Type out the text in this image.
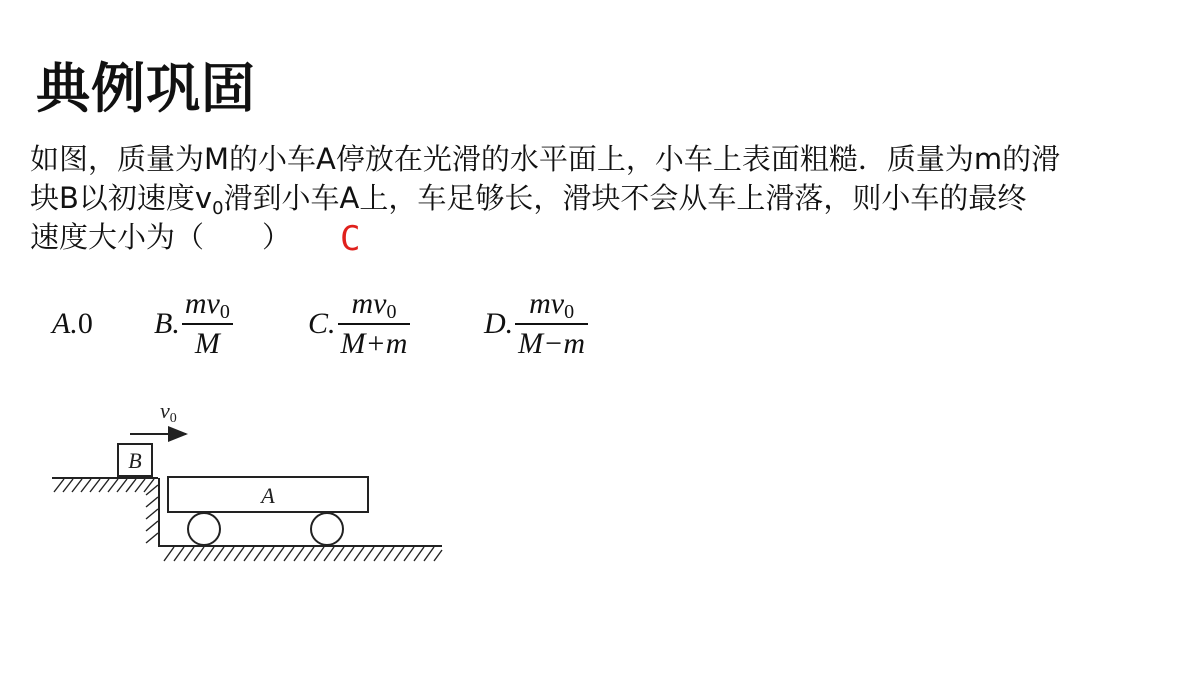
典例巩固
如图，质量为M的小车A停放在光滑的水平面上，小车上表面粗糙．质量为m的滑
块B以初速度$v_0$滑到小车A上，车足够长，滑块不会从车上滑落，则小车的最终
速度大小为（　　）	C
A. 0 B. $\frac{mv_0}{M}$	C. $\frac{mv_0}{M+m} D$. $\frac{mv_0}{M-m}$
v0
B
A
